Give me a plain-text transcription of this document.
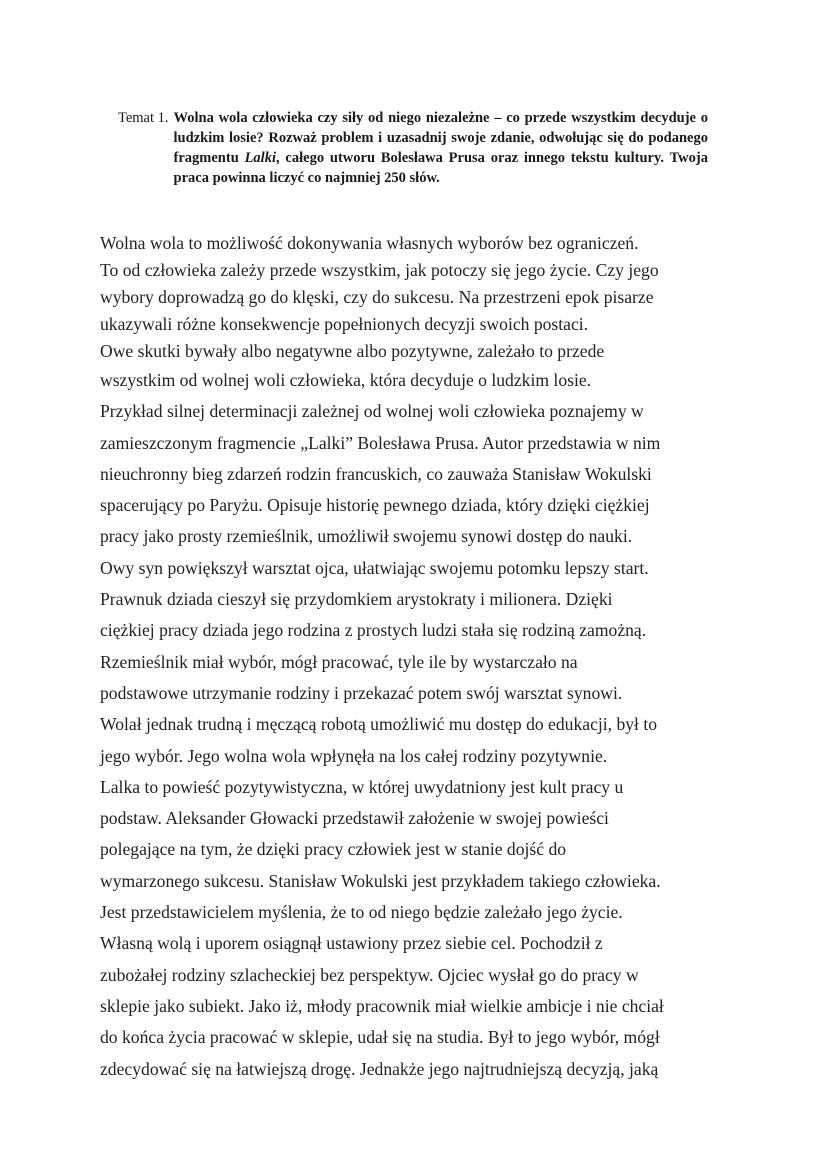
Temat 1. Wolna wola człowieka czy siły od niego niezależne – co przede wszystkim decyduje o ludzkim losie? Rozważ problem i uzasadnij swoje zdanie, odwołując się do podanego fragmentu Lalki, całego utworu Bolesława Prusa oraz innego tekstu kultury. Twoja praca powinna liczyć co najmniej 250 słów.
Wolna wola to możliwość dokonywania własnych wyborów bez ograniczeń.
To od człowieka zależy przede wszystkim, jak potoczy się jego życie. Czy jego
wybory doprowadzą go do klęski, czy do sukcesu. Na przestrzeni epok pisarze
ukazywali różne konsekwencje popełnionych decyzji swoich postaci.
Owe skutki bywały albo negatywne albo pozytywne, zależało to przede
wszystkim od wolnej woli człowieka, która decyduje o ludzkim losie.
Przykład silnej determinacji zależnej od wolnej woli człowieka poznajemy w
zamieszczonym fragmencie „Lalki” Bolesława Prusa. Autor przedstawia w nim
nieuchronny bieg zdarzeń rodzin francuskich, co zauważa Stanisław Wokulski
spacerujący po Paryżu. Opisuje historię pewnego dziada, który dzięki ciężkiej
pracy jako prosty rzemieślnik, umożliwił swojemu synowi dostęp do nauki.
Owy syn powiększył warsztat ojca, ułatwiając swojemu potomku lepszy start.
Prawnuk dziada cieszył się przydomkiem arystokraty i milionera. Dzięki
ciężkiej pracy dziada jego rodzina z prostych ludzi stała się rodziną zamożną.
Rzemieślnik miał wybór, mógł pracować, tyle ile by wystarczało na
podstawowe utrzymanie rodziny i przekazać potem swój warsztat synowi.
Wolał jednak trudną i męczącą robotą umożliwić mu dostęp do edukacji, był to
jego wybór. Jego wolna wola wpłynęła na los całej rodziny pozytywnie.
Lalka to powieść pozytywistyczna, w której uwydatniony jest kult pracy u
podstaw. Aleksander Głowacki przedstawił założenie w swojej powieści
polegające na tym, że dzięki pracy człowiek jest w stanie dojść do
wymarzonego sukcesu. Stanisław Wokulski jest przykładem takiego człowieka.
Jest przedstawicielem myślenia, że to od niego będzie zależało jego życie.
Własną wolą i uporem osiągnął ustawiony przez siebie cel. Pochodził z
zubożałej rodziny szlacheckiej bez perspektyw. Ojciec wysłał go do pracy w
sklepie jako subiekt. Jako iż, młody pracownik miał wielkie ambicje i nie chciał
do końca życia pracować w sklepie, udał się na studia. Był to jego wybór, mógł
zdecydować się na łatwiejszą drogę. Jednakże jego najtrudniejszą decyzją, jaką
